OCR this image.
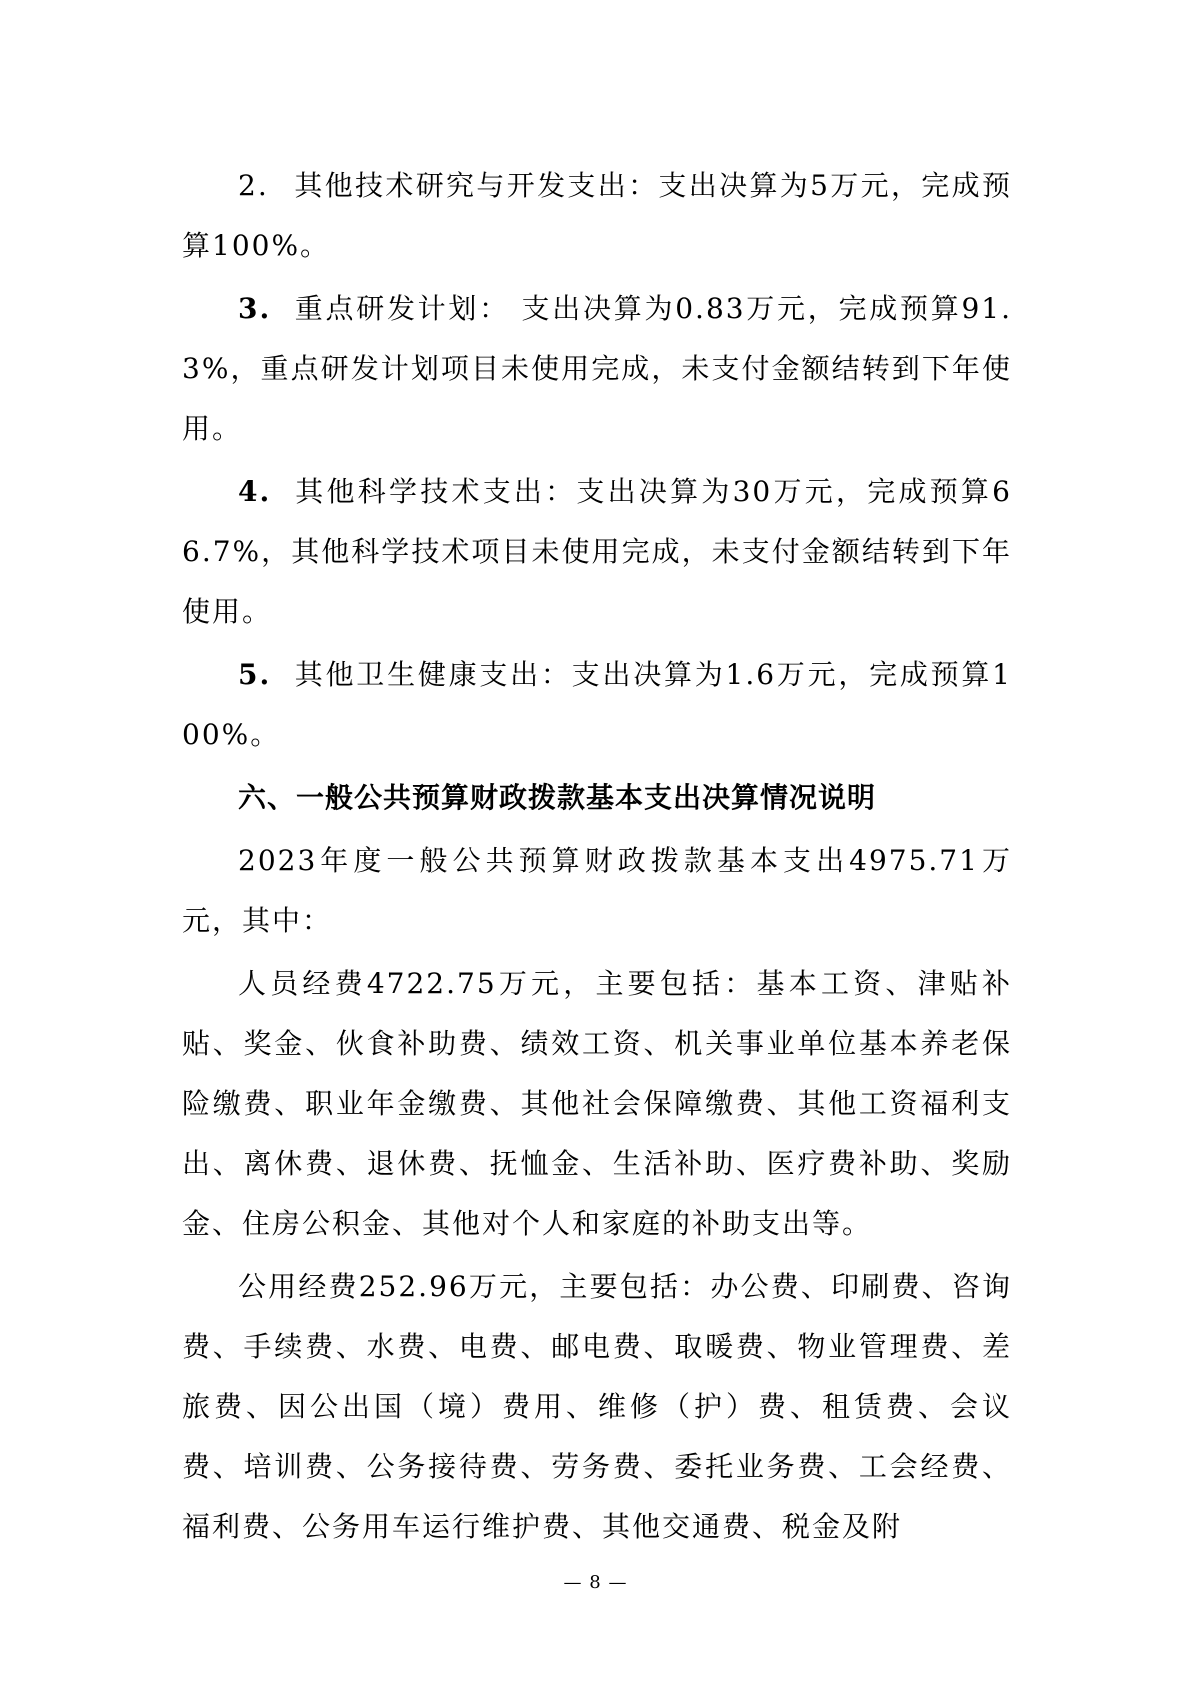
2. 其他技术研究与开发支出：支出决算为5万元，完成预算100%。

3. 重点研发计划： 支出决算为0.83万元，完成预算91.3%，重点研发计划项目未使用完成，未支付金额结转到下年使用。

4. 其他科学技术支出：支出决算为30万元，完成预算66.7%，其他科学技术项目未使用完成，未支付金额结转到下年使用。

5. 其他卫生健康支出：支出决算为1.6万元，完成预算100%。

六、一般公共预算财政拨款基本支出决算情况说明

2023年度一般公共预算财政拨款基本支出4975.71万元，其中：

人员经费4722.75万元，主要包括：基本工资、津贴补贴、奖金、伙食补助费、绩效工资、机关事业单位基本养老保险缴费、职业年金缴费、其他社会保障缴费、其他工资福利支出、离休费、退休费、抚恤金、生活补助、医疗费补助、奖励金、住房公积金、其他对个人和家庭的补助支出等。

公用经费252.96万元，主要包括：办公费、印刷费、咨询费、手续费、水费、电费、邮电费、取暖费、物业管理费、差旅费、因公出国（境）费用、维修（护）费、租赁费、会议费、培训费、公务接待费、劳务费、委托业务费、工会经费、福利费、公务用车运行维护费、其他交通费、税金及附

— 8 —
